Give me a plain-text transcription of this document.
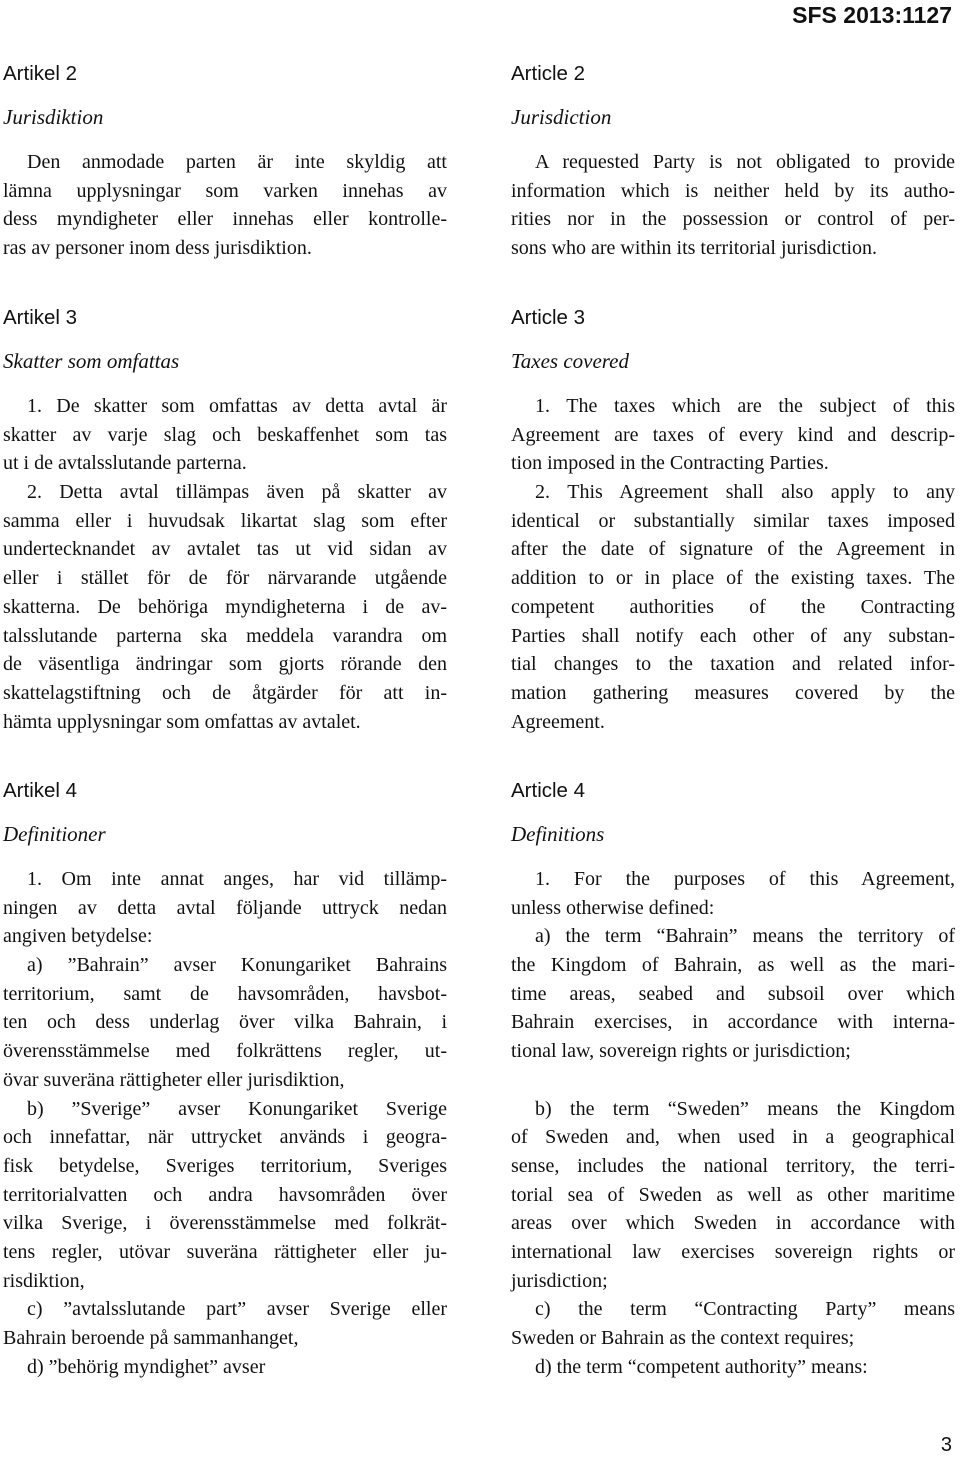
SFS 2013:1127
Artikel 2
Jurisdiktion
Den anmodade parten är inte skyldig att
lämna upplysningar som varken innehas av
dess myndigheter eller innehas eller kontrolle-
ras av personer inom dess jurisdiktion.
Artikel 3
Skatter som omfattas
1. De skatter som omfattas av detta avtal är
skatter av varje slag och beskaffenhet som tas
ut i de avtalsslutande parterna.
2. Detta avtal tillämpas även på skatter av
samma eller i huvudsak likartat slag som efter
undertecknandet av avtalet tas ut vid sidan av
eller i stället för de för närvarande utgående
skatterna. De behöriga myndigheterna i de av-
talsslutande parterna ska meddela varandra om
de väsentliga ändringar som gjorts rörande den
skattelagstiftning och de åtgärder för att in-
hämta upplysningar som omfattas av avtalet.
Artikel 4
Definitioner
1. Om inte annat anges, har vid tillämp-
ningen av detta avtal följande uttryck nedan
angiven betydelse:
a) ”Bahrain” avser Konungariket Bahrains
territorium, samt de havsområden, havsbot-
ten och dess underlag över vilka Bahrain, i
överensstämmelse med folkrättens regler, ut-
övar suveräna rättigheter eller jurisdiktion,
b) ”Sverige” avser Konungariket Sverige
och innefattar, när uttrycket används i geogra-
fisk betydelse, Sveriges territorium, Sveriges
territorialvatten och andra havsområden över
vilka Sverige, i överensstämmelse med folkrät-
tens regler, utövar suveräna rättigheter eller ju-
risdiktion,
c) ”avtalsslutande part” avser Sverige eller
Bahrain beroende på sammanhanget,
d) ”behörig myndighet” avser
Article 2
Jurisdiction
A requested Party is not obligated to provide
information which is neither held by its autho-
rities nor in the possession or control of per-
sons who are within its territorial jurisdiction.
Article 3
Taxes covered
1. The taxes which are the subject of this
Agreement are taxes of every kind and descrip-
tion imposed in the Contracting Parties.
2. This Agreement shall also apply to any
identical or substantially similar taxes imposed
after the date of signature of the Agreement in
addition to or in place of the existing taxes. The
competent authorities of the Contracting
Parties shall notify each other of any substan-
tial changes to the taxation and related infor-
mation gathering measures covered by the
Agreement.
Article 4
Definitions
1. For the purposes of this Agreement,
unless otherwise defined:
a) the term “Bahrain” means the territory of
the Kingdom of Bahrain, as well as the mari-
time areas, seabed and subsoil over which
Bahrain exercises, in accordance with interna-
tional law, sovereign rights or jurisdiction;
b) the term “Sweden” means the Kingdom
of Sweden and, when used in a geographical
sense, includes the national territory, the terri-
torial sea of Sweden as well as other maritime
areas over which Sweden in accordance with
international law exercises sovereign rights or
jurisdiction;
c) the term “Contracting Party” means
Sweden or Bahrain as the context requires;
d) the term “competent authority” means:
3
